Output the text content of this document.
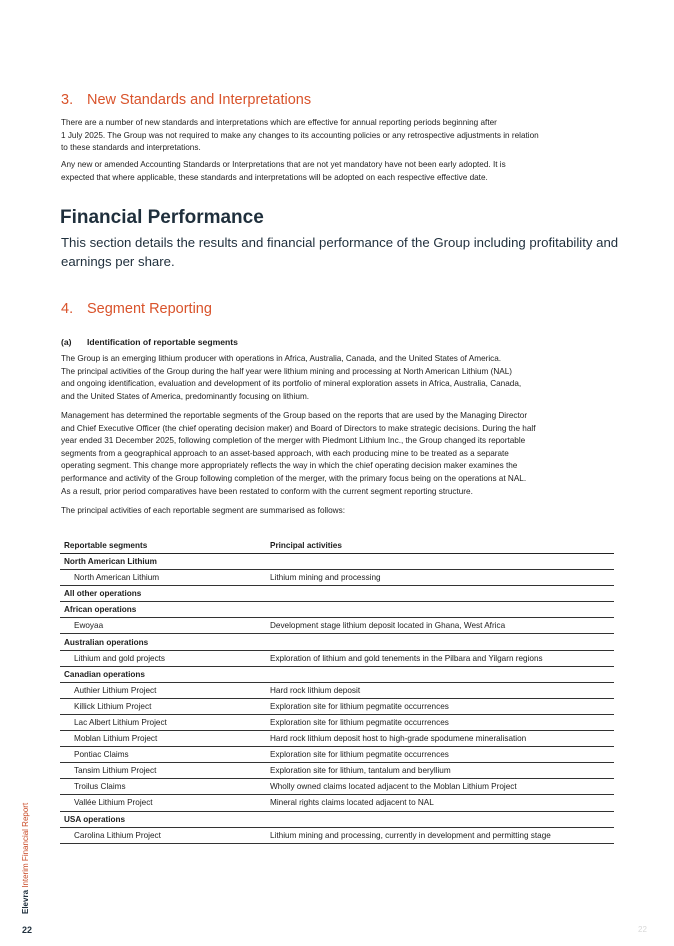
3. New Standards and Interpretations

There are a number of new standards and interpretations which are effective for annual reporting periods beginning after
1 July 2025. The Group was not required to make any changes to its accounting policies or any retrospective adjustments in relation
to these standards and interpretations.

Any new or amended Accounting Standards or Interpretations that are not yet mandatory have not been early adopted. It is
expected that where applicable, these standards and interpretations will be adopted on each respective effective date.

Financial Performance

This section details the results and financial performance of the Group including profitability and earnings per share.

4. Segment Reporting
(a) Identification of reportable segments

The Group is an emerging lithium producer with operations in Africa, Australia, Canada, and the United States of America.
The principal activities of the Group during the half year were lithium mining and processing at North American Lithium (NAL)
and ongoing identification, evaluation and development of its portfolio of mineral exploration assets in Africa, Australia, Canada,
and the United States of America, predominantly focusing on lithium.

Management has determined the reportable segments of the Group based on the reports that are used by the Managing Director
and Chief Executive Officer (the chief operating decision maker) and Board of Directors to make strategic decisions. During the half
year ended 31 December 2025, following completion of the merger with Piedmont Lithium Inc., the Group changed its reportable
segments from a geographical approach to an asset-based approach, with each producing mine to be treated as a separate
operating segment. This change more appropriately reflects the way in which the chief operating decision maker examines the
performance and activity of the Group following completion of the merger, with the primary focus being on the operations at NAL.
As a result, prior period comparatives have been restated to conform with the current segment reporting structure.

The principal activities of each reportable segment are summarised as follows:

Reportable segments	Principal activities
North American Lithium	
North American Lithium	Lithium mining and processing
All other operations	
African operations	
Ewoyaa	Development stage lithium deposit located in Ghana, West Africa
Australian operations	
Lithium and gold projects	Exploration of lithium and gold tenements in the Pilbara and Yilgarn regions
Canadian operations	
Authier Lithium Project	Hard rock lithium deposit
Killick Lithium Project	Exploration site for lithium pegmatite occurrences
Lac Albert Lithium Project	Exploration site for lithium pegmatite occurrences
Moblan Lithium Project	Hard rock lithium deposit host to high-grade spodumene mineralisation
Pontiac Claims	Exploration site for lithium pegmatite occurrences
Tansim Lithium Project	Exploration site for lithium, tantalum and beryllium
Troilus Claims	Wholly owned claims located adjacent to the Moblan Lithium Project
Vallée Lithium Project	Mineral rights claims located adjacent to NAL
USA operations	
Carolina Lithium Project	Lithium mining and processing, currently in development and permitting stage
Elevra Interim Financial Report
22	22
